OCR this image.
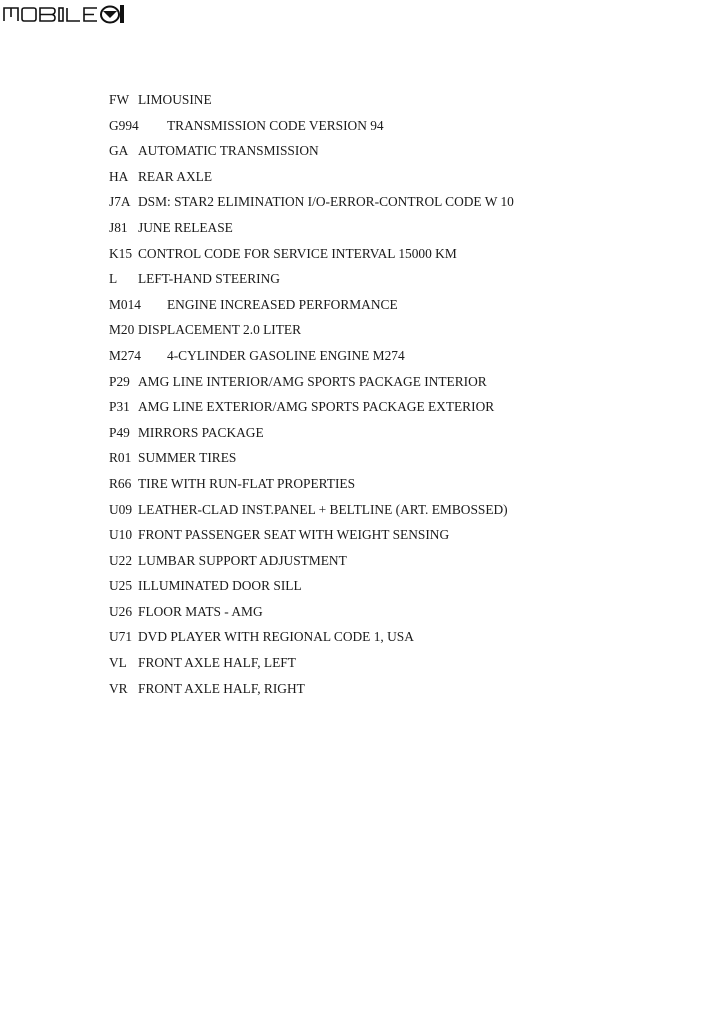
FW LIMOUSINE
G994 TRANSMISSION CODE VERSION 94
GA AUTOMATIC TRANSMISSION
HA REAR AXLE
J7A DSM: STAR2 ELIMINATION I/O-ERROR-CONTROL CODE W 10
J81 JUNE RELEASE
K15 CONTROL CODE FOR SERVICE INTERVAL 15000 KM
L LEFT-HAND STEERING
M014 ENGINE INCREASED PERFORMANCE
M20 DISPLACEMENT 2.0 LITER
M274 4-CYLINDER GASOLINE ENGINE M274
P29 AMG LINE INTERIOR/AMG SPORTS PACKAGE INTERIOR
P31 AMG LINE EXTERIOR/AMG SPORTS PACKAGE EXTERIOR
P49 MIRRORS PACKAGE
R01 SUMMER TIRES
R66 TIRE WITH RUN-FLAT PROPERTIES
U09 LEATHER-CLAD INST.PANEL + BELTLINE (ART. EMBOSSED)
U10 FRONT PASSENGER SEAT WITH WEIGHT SENSING
U22 LUMBAR SUPPORT ADJUSTMENT
U25 ILLUMINATED DOOR SILL
U26 FLOOR MATS - AMG
U71 DVD PLAYER WITH REGIONAL CODE 1, USA
VL FRONT AXLE HALF, LEFT
VR FRONT AXLE HALF, RIGHT
